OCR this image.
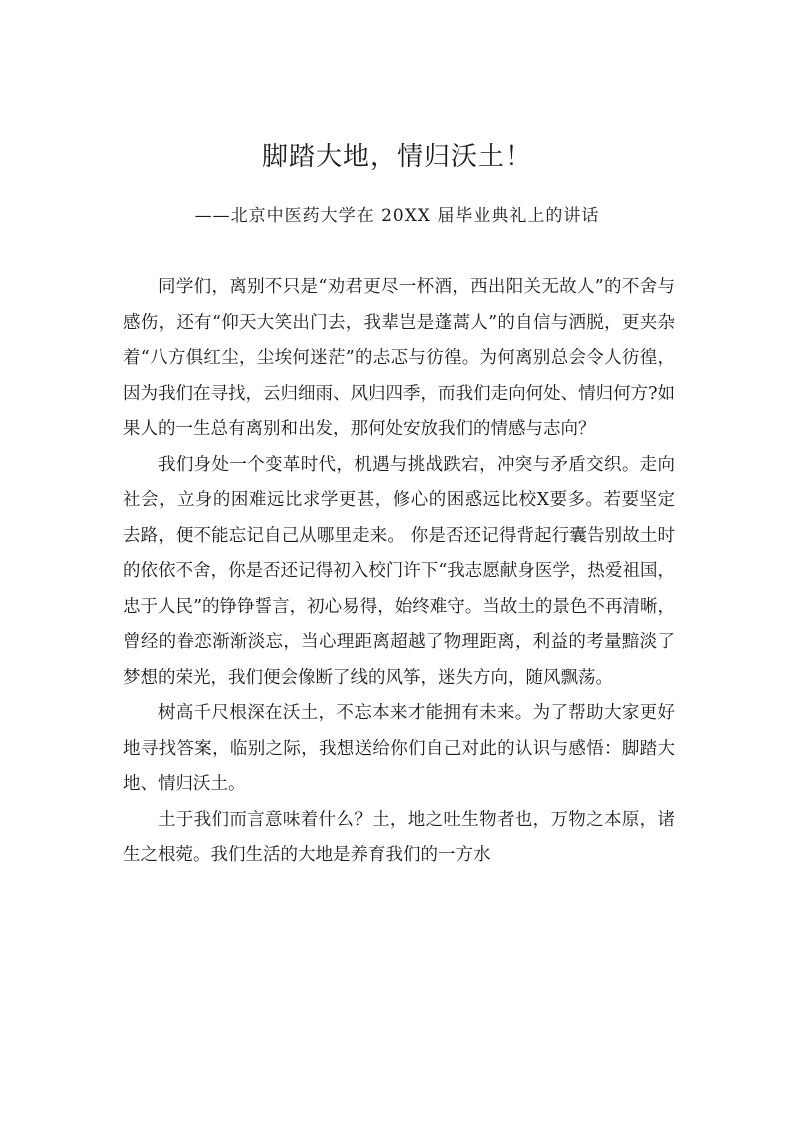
脚踏大地，情归沃土！
——北京中医药大学在 20XX 届毕业典礼上的讲话

同学们，离别不只是“劝君更尽一杯酒，西出阳关无故人”的不舍与感伤，还有“仰天大笑出门去，我辈岂是蓬蒿人”的自信与洒脱，更夹杂着“八方俱红尘，尘埃何迷茫”的忐忑与彷徨。为何离别总会令人彷徨，因为我们在寻找，云归细雨、风归四季，而我们走向何处、情归何方?如果人的一生总有离别和出发，那何处安放我们的情感与志向？

我们身处一个变革时代，机遇与挑战跌宕，冲突与矛盾交织。走向社会，立身的困难远比求学更甚，修心的困惑远比校X要多。若要坚定去路，便不能忘记自己从哪里走来。 你是否还记得背起行囊告别故土时的依依不舍，你是否还记得初入校门许下“我志愿献身医学，热爱祖国，忠于人民”的铮铮誓言，初心易得，始终难守。当故土的景色不再清晰， 曾经的眷恋渐渐淡忘，当心理距离超越了物理距离，利益的考量黯淡了梦想的荣光，我们便会像断了线的风筝，迷失方向，随风飘荡。

树高千尺根深在沃土，不忘本来才能拥有未来。为了帮助大家更好地寻找答案，临别之际，我想送给你们自己对此的认识与感悟：脚踏大地、情归沃土。

土于我们而言意味着什么？土，地之吐生物者也，万物之本原，诸生之根菀。我们生活的大地是养育我们的一方水
